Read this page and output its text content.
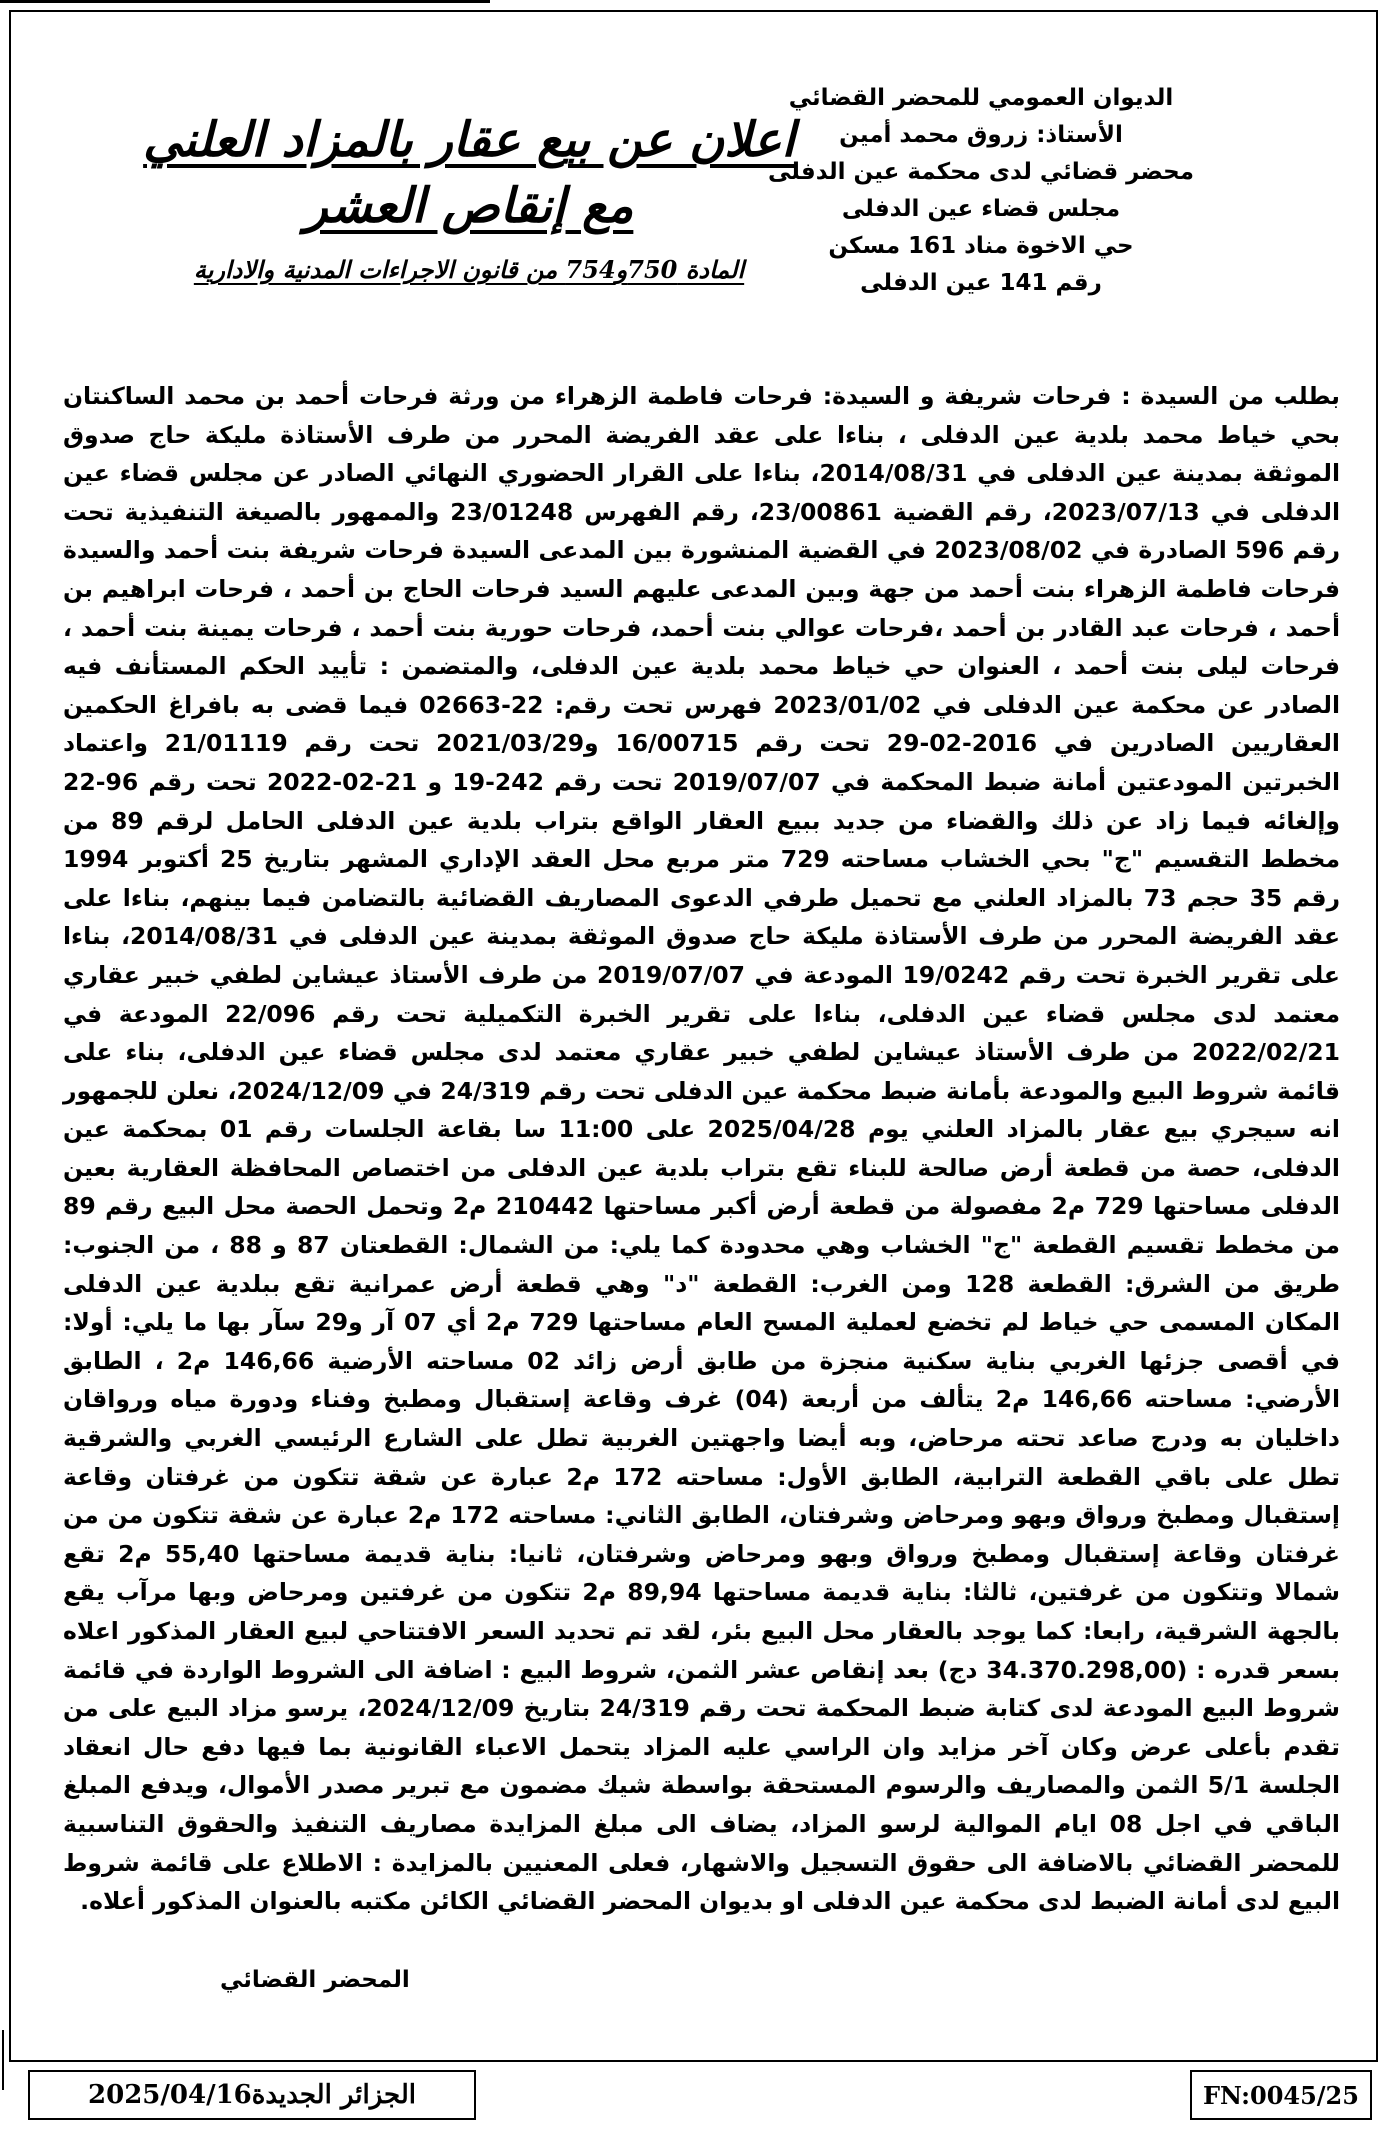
الديوان العمومي للمحضر القضائي
الأستاذ: زروق محمد أمين
محضر قضائي لدى محكمة عين الدفلى
مجلس قضاء عين الدفلى
حي الاخوة مناد 161 مسكن
رقم 141 عين الدفلى
اعلان عن بيع عقار بالمزاد العلني
مع إنقاص العشر
المادة 750و754 من قانون الاجراءات المدنية والادارية
بطلب من السيدة : فرحات شريفة و السيدة: فرحات فاطمة الزهراء من ورثة فرحات أحمد بن محمد الساكنتان بحي خياط محمد بلدية عين الدفلى ، بناءا على عقد الفريضة المحرر من طرف الأستاذة مليكة حاج صدوق الموثقة بمدينة عين الدفلى في 2014/08/31، بناءا على القرار الحضوري النهائي الصادر عن مجلس قضاء عين الدفلى في 2023/07/13، رقم القضية 23/00861، رقم الفهرس 23/01248 والممهور بالصيغة التنفيذية تحت رقم 596 الصادرة في 2023/08/02 في القضية المنشورة بين المدعى السيدة فرحات شريفة بنت أحمد والسيدة فرحات فاطمة الزهراء بنت أحمد من جهة وبين المدعى عليهم السيد فرحات الحاج بن أحمد ، فرحات ابراهيم بن أحمد ، فرحات عبد القادر بن أحمد ،فرحات عوالي بنت أحمد، فرحات حورية بنت أحمد ، فرحات يمينة بنت أحمد ، فرحات ليلى بنت أحمد ، العنوان حي خياط محمد بلدية عين الدفلى، والمتضمن : تأييد الحكم المستأنف فيه الصادر عن محكمة عين الدفلى في 2023/01/02 فهرس تحت رقم: 22-02663 فيما قضى به بافراغ الحكمين العقاريين الصادرين في 2016-02-29 تحت رقم 16/00715 و2021/03/29 تحت رقم 21/01119 واعتماد الخبرتين المودعتين أمانة ضبط المحكمة في 2019/07/07 تحت رقم 242-19 و 21-02-2022 تحت رقم 96-22 وإلغائه فيما زاد عن ذلك والقضاء من جديد ببيع العقار الواقع بتراب بلدية عين الدفلى الحامل لرقم 89 من مخطط التقسيم "ج" بحي الخشاب مساحته 729 متر مربع محل العقد الإداري المشهر بتاريخ 25 أكتوبر 1994 رقم 35 حجم 73 بالمزاد العلني مع تحميل طرفي الدعوى المصاريف القضائية بالتضامن فيما بينهم، بناءا على عقد الفريضة المحرر من طرف الأستاذة مليكة حاج صدوق الموثقة بمدينة عين الدفلى في 2014/08/31، بناءا على تقرير الخبرة تحت رقم 19/0242 المودعة في 2019/07/07 من طرف الأستاذ عيشاين لطفي خبير عقاري معتمد لدى مجلس قضاء عين الدفلى، بناءا على تقرير الخبرة التكميلية تحت رقم 22/096 المودعة في 2022/02/21 من طرف الأستاذ عيشاين لطفي خبير عقاري معتمد لدى مجلس قضاء عين الدفلى، بناء على قائمة شروط البيع والمودعة بأمانة ضبط محكمة عين الدفلى تحت رقم 24/319 في 2024/12/09، نعلن للجمهور انه سيجري بيع عقار بالمزاد العلني يوم 2025/04/28 على 11:00 سا بقاعة الجلسات رقم 01 بمحكمة عين الدفلى، حصة من قطعة أرض صالحة للبناء تقع بتراب بلدية عين الدفلى من اختصاص المحافظة العقارية بعين الدفلى مساحتها 729 م2 مفصولة من قطعة أرض أكبر مساحتها 210442 م2 وتحمل الحصة محل البيع رقم 89 من مخطط تقسيم القطعة "ج" الخشاب وهي محدودة كما يلي: من الشمال: القطعتان 87 و 88 ، من الجنوب: طريق من الشرق: القطعة 128 ومن الغرب: القطعة "د" وهي قطعة أرض عمرانية تقع ببلدية عين الدفلى المكان المسمى حي خياط لم تخضع لعملية المسح العام مساحتها 729 م2 أي 07 آر و29 سآر بها ما يلي: أولا: في أقصى جزئها الغربي بناية سكنية منجزة من طابق أرض زائد 02 مساحته الأرضية 146,66 م2 ، الطابق الأرضي: مساحته 146,66 م2 يتألف من أربعة (04) غرف وقاعة إستقبال ومطبخ وفناء ودورة مياه ورواقان داخليان به ودرج صاعد تحته مرحاض، وبه أيضا واجهتين الغربية تطل على الشارع الرئيسي الغربي والشرقية تطل على باقي القطعة الترابية، الطابق الأول: مساحته 172 م2 عبارة عن شقة تتكون من غرفتان وقاعة إستقبال ومطبخ ورواق وبهو ومرحاض وشرفتان، الطابق الثاني: مساحته 172 م2 عبارة عن شقة تتكون من من غرفتان وقاعة إستقبال ومطبخ ورواق وبهو ومرحاض وشرفتان، ثانيا: بناية قديمة مساحتها 55,40 م2 تقع شمالا وتتكون من غرفتين، ثالثا: بناية قديمة مساحتها 89,94 م2 تتكون من غرفتين ومرحاض وبها مرآب يقع بالجهة الشرقية، رابعا: كما يوجد بالعقار محل البيع بئر، لقد تم تحديد السعر الافتتاحي لبيع العقار المذكور اعلاه بسعر قدره : (34.370.298,00 دج) بعد إنقاص عشر الثمن، شروط البيع : اضافة الى الشروط الواردة في قائمة شروط البيع المودعة لدى كتابة ضبط المحكمة تحت رقم 24/319 بتاريخ 2024/12/09، يرسو مزاد البيع على من تقدم بأعلى عرض وكان آخر مزايد وان الراسي عليه المزاد يتحمل الاعباء القانونية بما فيها دفع حال انعقاد الجلسة 5/1 الثمن والمصاريف والرسوم المستحقة بواسطة شيك مضمون مع تبرير مصدر الأموال، ويدفع المبلغ الباقي في اجل 08 ايام الموالية لرسو المزاد، يضاف الى مبلغ المزايدة مصاريف التنفيذ والحقوق التناسبية للمحضر القضائي بالاضافة الى حقوق التسجيل والاشهار، فعلى المعنيين بالمزايدة : الاطلاع على قائمة شروط البيع لدى أمانة الضبط لدى محكمة عين الدفلى او بديوان المحضر القضائي الكائن مكتبه بالعنوان المذكور أعلاه.
المحضر القضائي
الجزائر الجديدة2025/04/16	FN:0045/25
